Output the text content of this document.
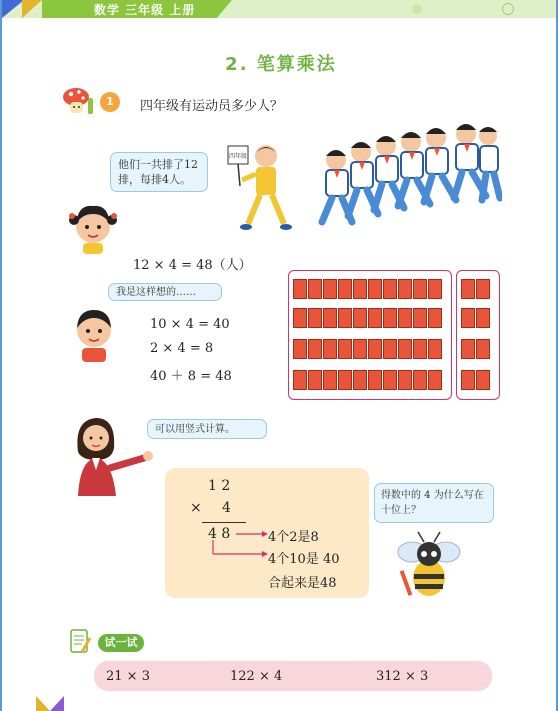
数学 三年级 上册
2. 笔算乘法
1	四年级有运动员多少人？
四年级
他们一共排了12排，每排4人。
12 × 4 = 48（人）
我是这样想的……
10 × 4 = 40
2 × 4 = 8
40 ＋ 8 = 48
可以用竖式计算。
1 2
× 4
4 8	4个2是8
4个10是 40
合起来是48
得数中的 4 为什么写在十位上？
试一试
21 × 3	122 × 4	312 × 3
